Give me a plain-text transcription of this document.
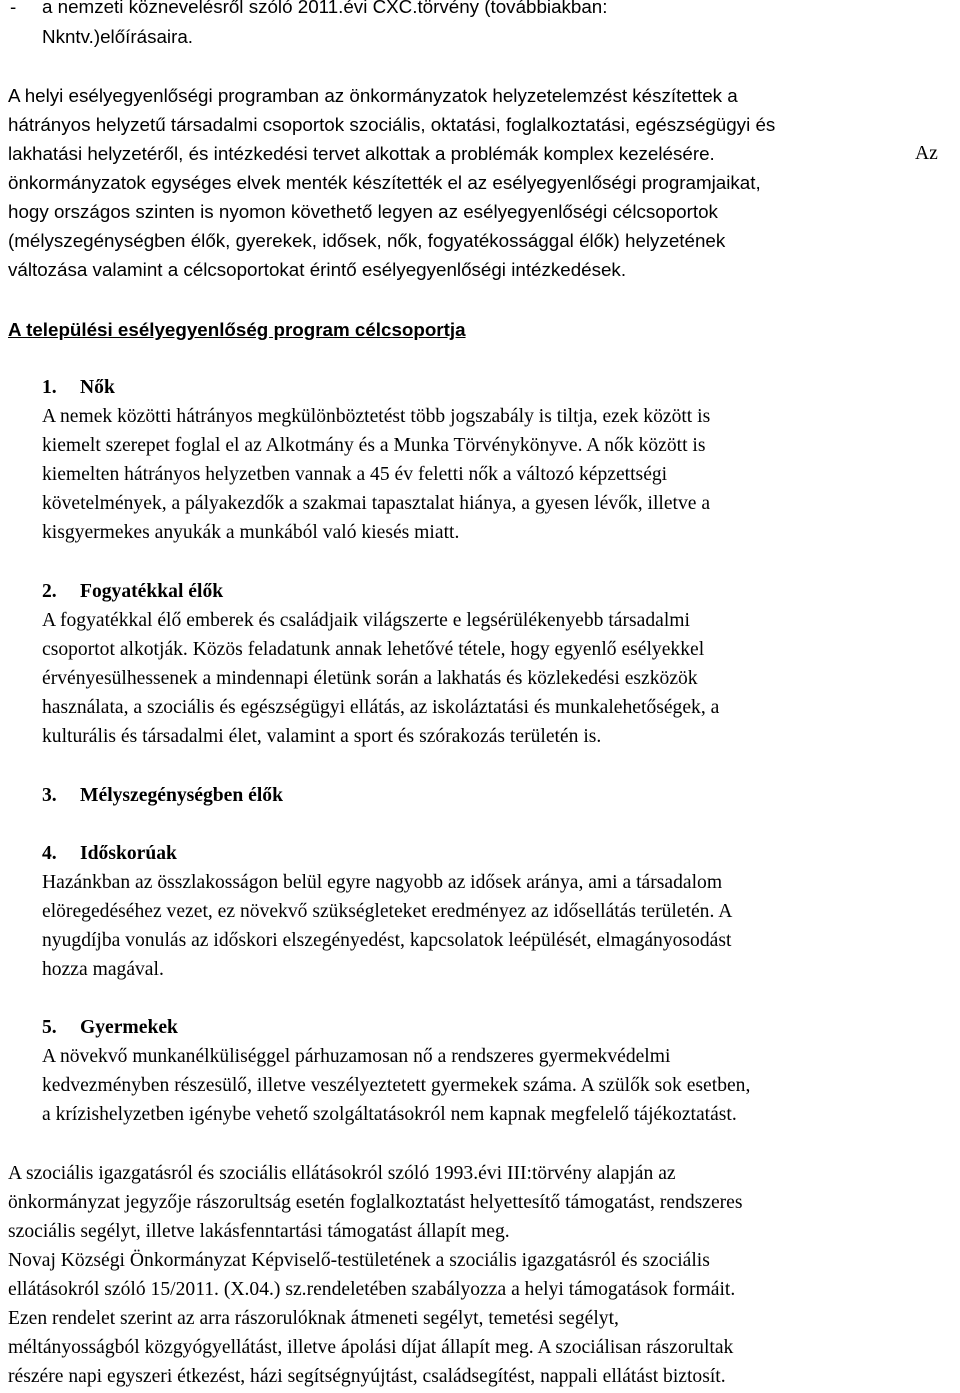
- a nemzeti köznevelésről szóló 2011.évi CXC.törvény (továbbiakban:
Nkntv.)előírásaira.
A helyi esélyegyenlőségi programban az önkormányzatok helyzetelemzést készítettek a
hátrányos helyzetű társadalmi csoportok szociális, oktatási, foglalkoztatási, egészségügyi és
lakhatási helyzetéről, és intézkedési tervet alkottak a problémák komplex kezelésére.	Az
önkormányzatok egységes elvek menték készítették el az esélyegyenlőségi programjaikat,
hogy országos szinten is nyomon követhető legyen az esélyegyenlőségi célcsoportok
(mélyszegénységben élők, gyerekek, idősek, nők, fogyatékossággal élők) helyzetének
változása valamint a célcsoportokat érintő esélyegyenlőségi intézkedések.
A települési esélyegyenlőség program célcsoportja
1. Nők
A nemek közötti hátrányos megkülönböztetést több jogszabály is tiltja, ezek között is
kiemelt szerepet foglal el az Alkotmány és a Munka Törvénykönyve. A nők között is
kiemelten hátrányos helyzetben vannak a 45 év feletti nők a változó képzettségi
követelmények, a pályakezdők a szakmai tapasztalat hiánya, a gyesen lévők, illetve a
kisgyermekes anyukák a munkából való kiesés miatt.
2. Fogyatékkal élők
A fogyatékkal élő emberek és családjaik világszerte e legsérülékenyebb társadalmi
csoportot alkotják. Közös feladatunk annak lehetővé tétele, hogy egyenlő esélyekkel
érvényesülhessenek a mindennapi életünk során a lakhatás és közlekedési eszközök
használata, a szociális és egészségügyi ellátás, az iskoláztatási és munkalehetőségek, a
kulturális és társadalmi élet, valamint a sport és szórakozás területén is.
3. Mélyszegénységben élők
4. Időskorúak
Hazánkban az összlakosságon belül egyre nagyobb az idősek aránya, ami a társadalom
elöregedéséhez vezet, ez növekvő szükségleteket eredményez az idősellátás területén. A
nyugdíjba vonulás az időskori elszegényedést, kapcsolatok leépülését, elmagányosodást
hozza magával.
5. Gyermekek
A növekvő munkanélküliséggel párhuzamosan nő a rendszeres gyermekvédelmi
kedvezményben részesülő, illetve veszélyeztetett gyermekek száma. A szülők sok esetben,
a krízishelyzetben igénybe vehető szolgáltatásokról nem kapnak megfelelő tájékoztatást.
A szociális igazgatásról és szociális ellátásokról szóló 1993.évi III:törvény alapján az
önkormányzat jegyzője rászorultság esetén foglalkoztatást helyettesítő támogatást, rendszeres
szociális segélyt, illetve lakásfenntartási támogatást állapít meg.
Novaj Községi Önkormányzat Képviselő-testületének a szociális igazgatásról és szociális
ellátásokról szóló 15/2011. (X.04.) sz.rendeletében szabályozza a helyi támogatások formáit.
Ezen rendelet szerint az arra rászorulóknak átmeneti segélyt, temetési segélyt,
méltányosságból közgyógyellátást, illetve ápolási díjat állapít meg. A szociálisan rászorultak
részére napi egyszeri étkezést, házi segítségnyújtást, családsegítést, nappali ellátást biztosít.
